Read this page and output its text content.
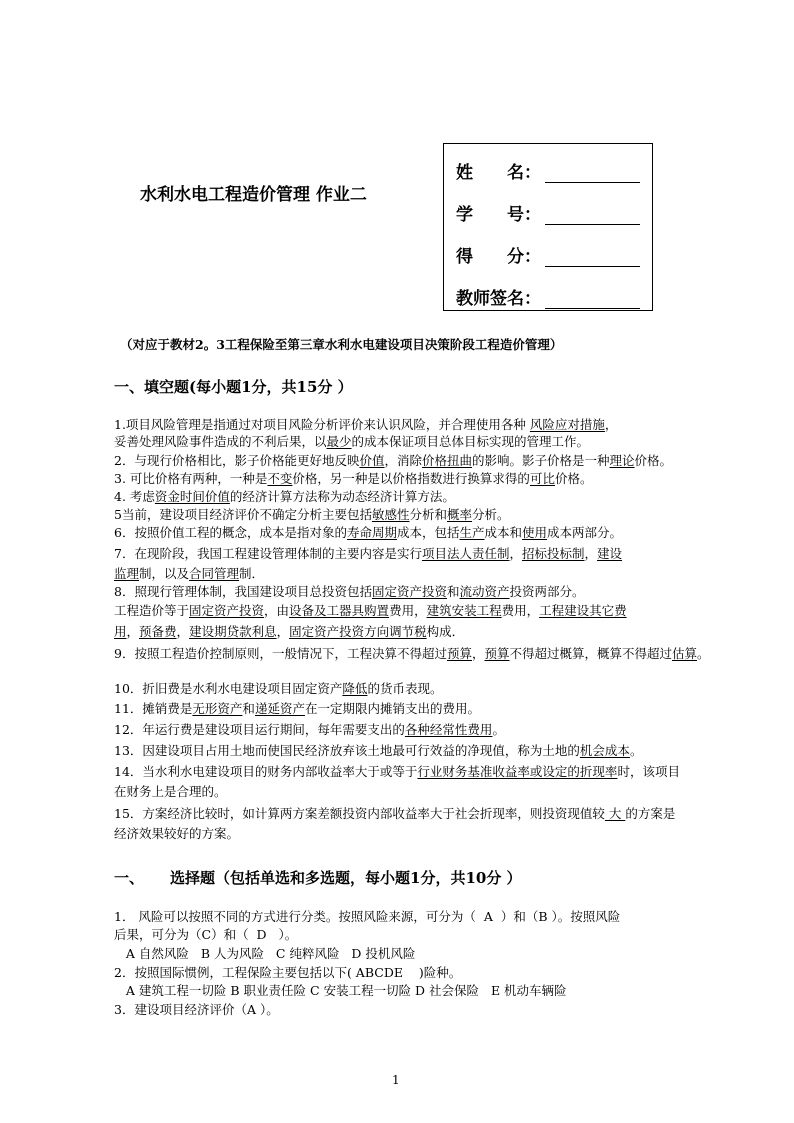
水利水电工程造价管理 作业二
姓　　名：
学　　号：
得　　分：
教师签名：
（对应于教材2。3工程保险至第三章水利水电建设项目决策阶段工程造价管理）
一、填空题(每小题1分，共15分 ）
1.项目风险管理是指通过对项目风险分析评价来认识风险，并合理使用各种 风险应对措施，
妥善处理风险事件造成的不利后果，以最少的成本保证项目总体目标实现的管理工作。
2．与现行价格相比，影子价格能更好地反映价值，消除价格扭曲的影响。影子价格是一种理论价格。
3. 可比价格有两种，一种是不变价格，另一种是以价格指数进行换算求得的可比价格。
4. 考虑资金时间价值的经济计算方法称为动态经济计算方法。
5当前，建设项目经济评价不确定分析主要包括敏感性分析和概率分析。
6．按照价值工程的概念，成本是指对象的寿命周期成本，包括生产成本和使用成本两部分。
7．在现阶段，我国工程建设管理体制的主要内容是实行项目法人责任制，招标投标制，建设
监理制，以及合同管理制．
8．照现行管理体制，我国建设项目总投资包括固定资产投资和流动资产投资两部分。
工程造价等于固定资产投资，由设备及工器具购置费用，建筑安装工程费用，工程建设其它费
用，预备费，建设期贷款利息，固定资产投资方向调节税构成．
9．按照工程造价控制原则，一般情况下，工程决算不得超过预算，预算不得超过概算，概算不得超过估算。
10．折旧费是水利水电建设项目固定资产降低的货币表现。
11．摊销费是无形资产和递延资产在一定期限内摊销支出的费用。
12．年运行费是建设项目运行期间，每年需要支出的各种经常性费用。
13．因建设项目占用土地而使国民经济放弃该土地最可行效益的净现值，称为土地的机会成本。
14．当水利水电建设项目的财务内部收益率大于或等于行业财务基准收益率或设定的折现率时，该项目
在财务上是合理的。
15．方案经济比较时，如计算两方案差额投资内部收益率大于社会折现率，则投资现值较 大 的方案是
经济效果较好的方案。
一、 选择题（包括单选和多选题，每小题1分，共10分 ）
1． 风险可以按照不同的方式进行分类。按照风险来源，可分为（  A  ）和（B ）。按照风险
后果，可分为（C）和（  D   ）。
A 自然风险   B 人为风险   C 纯粹风险   D 投机风险
2．按照国际惯例，工程保险主要包括以下( ABCDE    )险种。
A 建筑工程一切险 B 职业责任险 C 安装工程一切险 D 社会保险   E 机动车辆险
3．建设项目经济评价（A ）。
1
